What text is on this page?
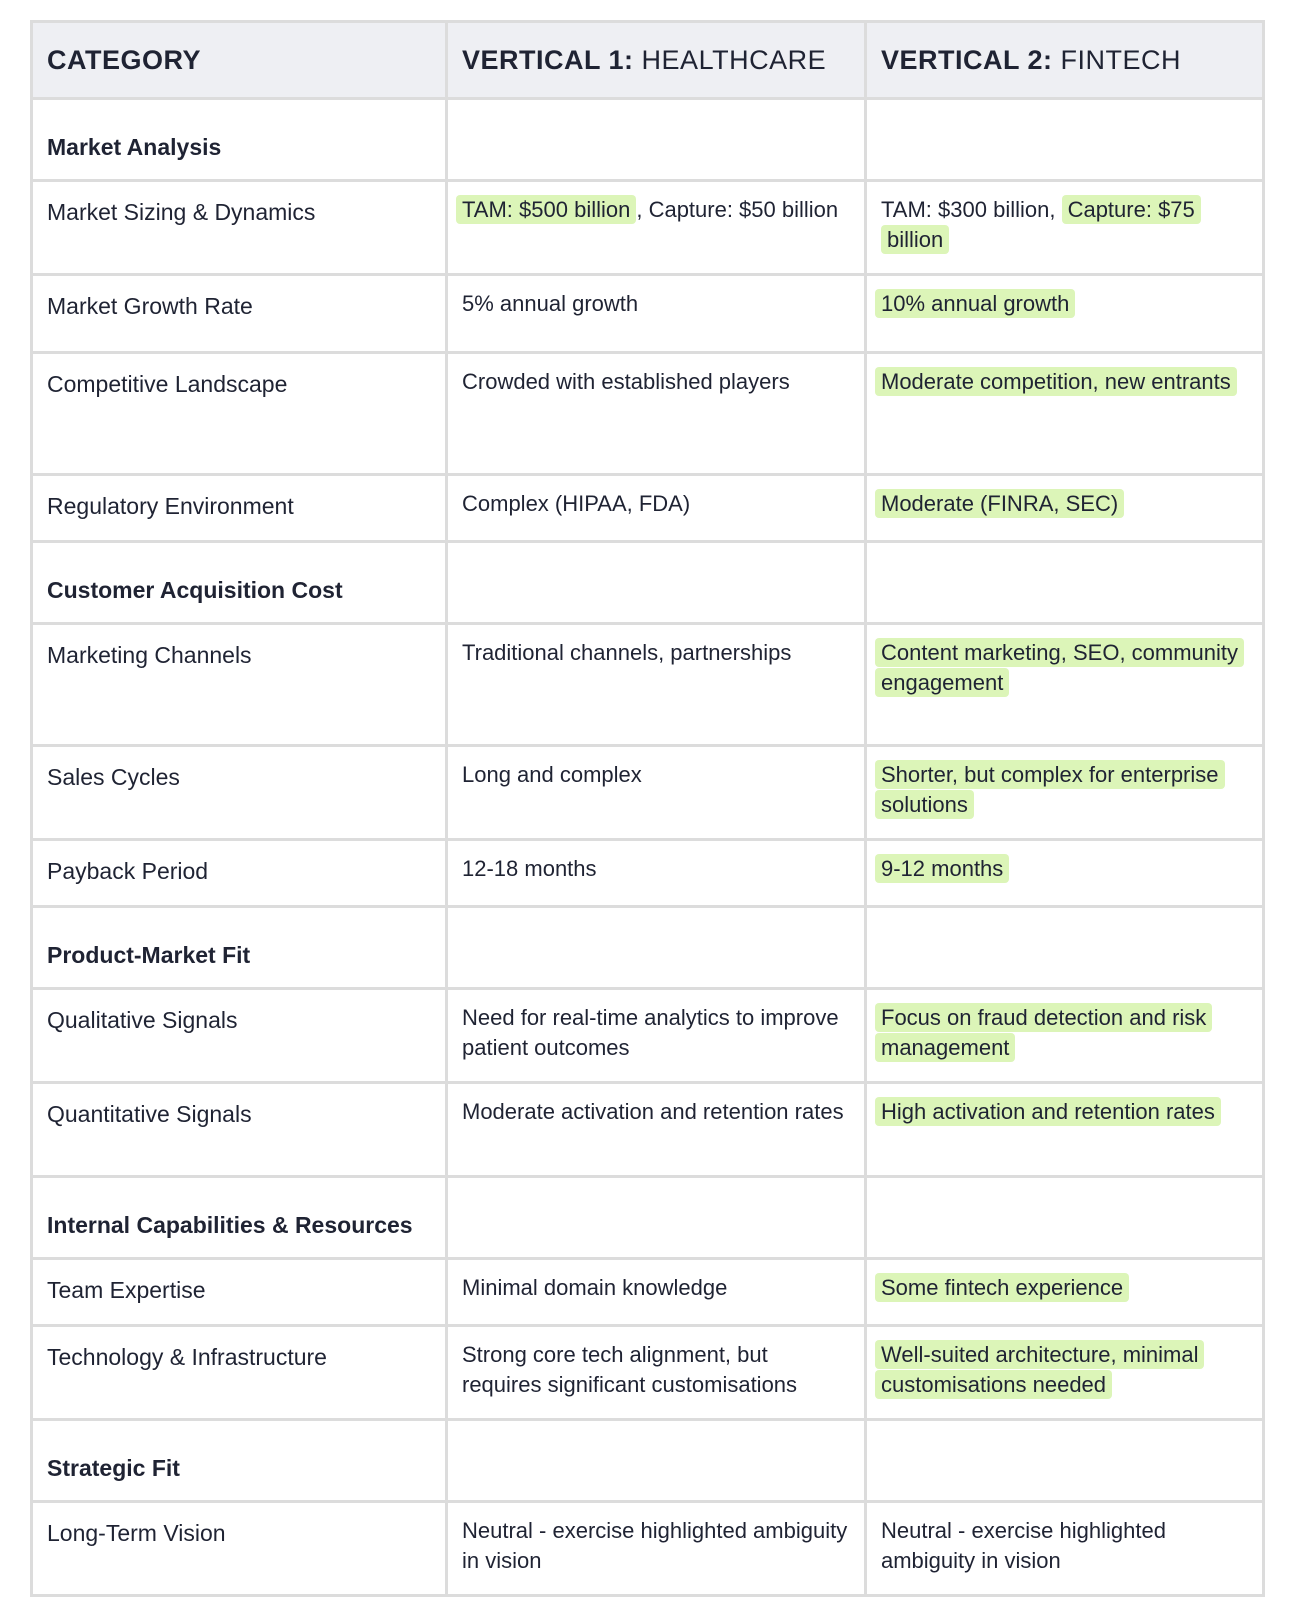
CATEGORY	VERTICAL 1: HEALTHCARE	VERTICAL 2: FINTECH
Market Analysis		
Market Sizing & Dynamics	TAM: $500 billion , Capture: $50 billion	TAM: $300 billion, Capture: $75 billion
Market Growth Rate	5% annual growth	10% annual growth
Competitive Landscape	Crowded with established players	Moderate competition, new entrants
Regulatory Environment	Complex (HIPAA, FDA)	Moderate (FINRA, SEC)
Customer Acquisition Cost		
Marketing Channels	Traditional channels, partnerships	Content marketing, SEO, community engagement
Sales Cycles	Long and complex	Shorter, but complex for enterprise solutions
Payback Period	12-18 months	9-12 months
Product-Market Fit		
Qualitative Signals	Need for real-time analytics to improve patient outcomes	Focus on fraud detection and risk management
Quantitative Signals	Moderate activation and retention rates	High activation and retention rates
Internal Capabilities & Resources		
Team Expertise	Minimal domain knowledge	Some fintech experience
Technology & Infrastructure	Strong core tech alignment, but requires significant customisations	Well-suited architecture, minimal customisations needed
Strategic Fit		
Long-Term Vision	Neutral - exercise highlighted ambiguity in vision	Neutral - exercise highlighted ambiguity in vision
